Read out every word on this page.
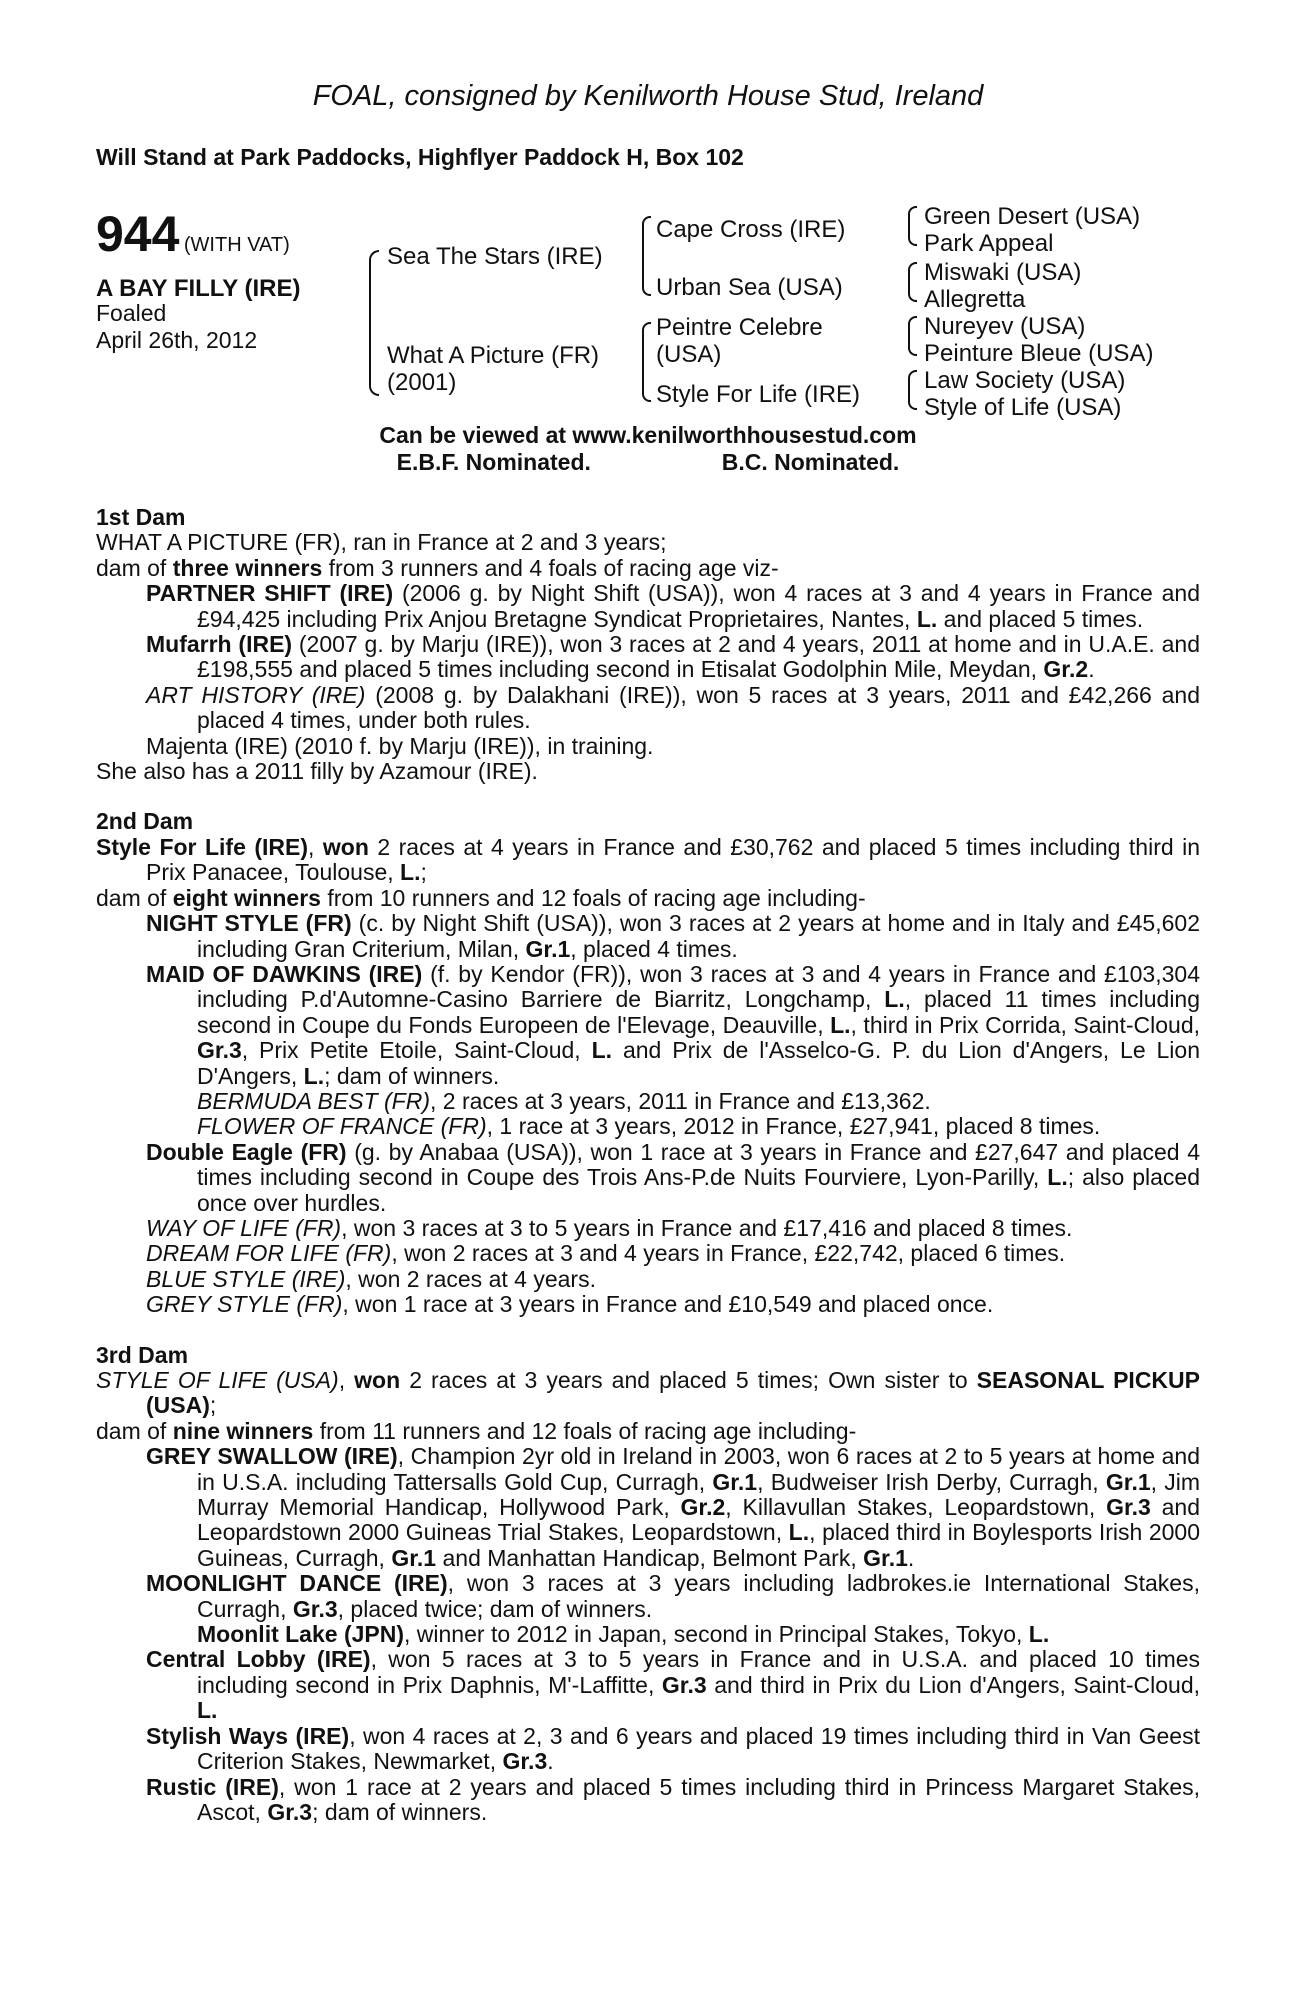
FOAL, consigned by Kenilworth House Stud, Ireland
Will Stand at Park Paddocks, Highflyer Paddock H, Box 102
944 (WITH VAT)
A BAY FILLY (IRE)
Foaled
April 26th, 2012
Sea The Stars (IRE)
What A Picture (FR)
(2001)
Cape Cross (IRE)
Urban Sea (USA)
Peintre Celebre
(USA)
Style For Life (IRE)
Green Desert (USA)
Park Appeal
Miswaki (USA)
Allegretta
Nureyev (USA)
Peinture Bleue (USA)
Law Society (USA)
Style of Life (USA)
Can be viewed at www.kenilworthhousestud.com
E.B.F. Nominated.	B.C. Nominated.

1st Dam

WHAT A PICTURE (FR), ran in France at 2 and 3 years;

dam of three winners from 3 runners and 4 foals of racing age viz-

PARTNER SHIFT (IRE) (2006 g. by Night Shift (USA)), won 4 races at 3 and 4 years in France and £94,425 including Prix Anjou Bretagne Syndicat Proprietaires, Nantes, L. and placed 5 times.

Mufarrh (IRE) (2007 g. by Marju (IRE)), won 3 races at 2 and 4 years, 2011 at home and in U.A.E. and £198,555 and placed 5 times including second in Etisalat Godolphin Mile, Meydan, Gr.2.

ART HISTORY (IRE) (2008 g. by Dalakhani (IRE)), won 5 races at 3 years, 2011 and £42,266 and placed 4 times, under both rules.

Majenta (IRE) (2010 f. by Marju (IRE)), in training.

She also has a 2011 filly by Azamour (IRE).

2nd Dam

Style For Life (IRE), won 2 races at 4 years in France and £30,762 and placed 5 times including third in Prix Panacee, Toulouse, L.;

dam of eight winners from 10 runners and 12 foals of racing age including-

NIGHT STYLE (FR) (c. by Night Shift (USA)), won 3 races at 2 years at home and in Italy and £45,602 including Gran Criterium, Milan, Gr.1, placed 4 times.

MAID OF DAWKINS (IRE) (f. by Kendor (FR)), won 3 races at 3 and 4 years in France and £103,304 including P.d'Automne-Casino Barriere de Biarritz, Longchamp, L., placed 11 times including second in Coupe du Fonds Europeen de l'Elevage, Deauville, L., third in Prix Corrida, Saint-Cloud, Gr.3, Prix Petite Etoile, Saint-Cloud, L. and Prix de l'Asselco-G. P. du Lion d'Angers, Le Lion D'Angers, L.; dam of winners.

BERMUDA BEST (FR), 2 races at 3 years, 2011 in France and £13,362.

FLOWER OF FRANCE (FR), 1 race at 3 years, 2012 in France, £27,941, placed 8 times.

Double Eagle (FR) (g. by Anabaa (USA)), won 1 race at 3 years in France and £27,647 and placed 4 times including second in Coupe des Trois Ans-P.de Nuits Fourviere, Lyon-Parilly, L.; also placed once over hurdles.

WAY OF LIFE (FR), won 3 races at 3 to 5 years in France and £17,416 and placed 8 times.

DREAM FOR LIFE (FR), won 2 races at 3 and 4 years in France, £22,742, placed 6 times.

BLUE STYLE (IRE), won 2 races at 4 years.

GREY STYLE (FR), won 1 race at 3 years in France and £10,549 and placed once.

3rd Dam

STYLE OF LIFE (USA), won 2 races at 3 years and placed 5 times; Own sister to SEASONAL PICKUP (USA);

dam of nine winners from 11 runners and 12 foals of racing age including-

GREY SWALLOW (IRE), Champion 2yr old in Ireland in 2003, won 6 races at 2 to 5 years at home and in U.S.A. including Tattersalls Gold Cup, Curragh, Gr.1, Budweiser Irish Derby, Curragh, Gr.1, Jim Murray Memorial Handicap, Hollywood Park, Gr.2, Killavullan Stakes, Leopardstown, Gr.3 and Leopardstown 2000 Guineas Trial Stakes, Leopardstown, L., placed third in Boylesports Irish 2000 Guineas, Curragh, Gr.1 and Manhattan Handicap, Belmont Park, Gr.1.

MOONLIGHT DANCE (IRE), won 3 races at 3 years including ladbrokes.ie International Stakes, Curragh, Gr.3, placed twice; dam of winners.

Moonlit Lake (JPN), winner to 2012 in Japan, second in Principal Stakes, Tokyo, L.

Central Lobby (IRE), won 5 races at 3 to 5 years in France and in U.S.A. and placed 10 times including second in Prix Daphnis, M'-Laffitte, Gr.3 and third in Prix du Lion d'Angers, Saint-Cloud, L.

Stylish Ways (IRE), won 4 races at 2, 3 and 6 years and placed 19 times including third in Van Geest Criterion Stakes, Newmarket, Gr.3.

Rustic (IRE), won 1 race at 2 years and placed 5 times including third in Princess Margaret Stakes, Ascot, Gr.3; dam of winners.
